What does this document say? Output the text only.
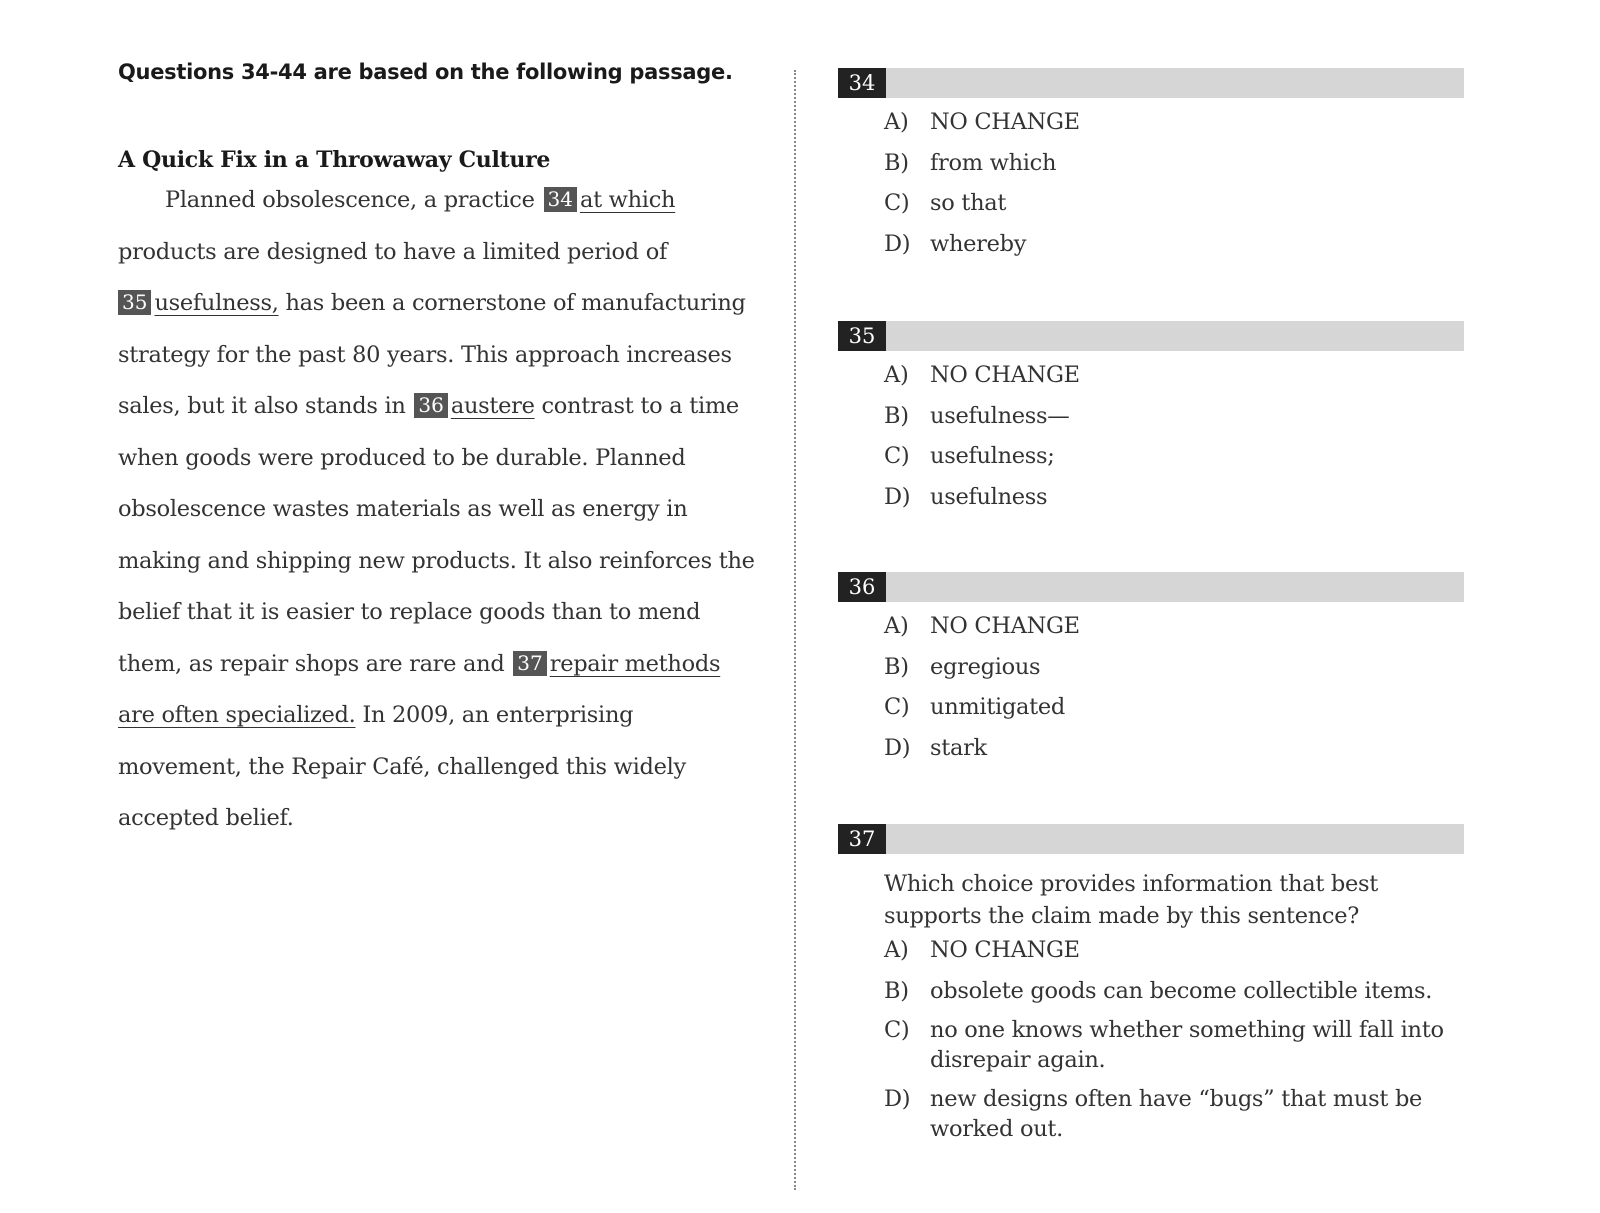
Questions 34-44 are based on the following passage.

A Quick Fix in a Throwaway Culture

Planned obsolescence, a practice 34 at which
products are designed to have a limited period of
35 usefulness, has been a cornerstone of manufacturing strategy for the past 80 years. This approach increases sales, but it also stands in 36 austere contrast to a time when goods were produced to be durable. Planned obsolescence wastes materials as well as energy in making and shipping new products. It also reinforces the belief that it is easier to replace goods than to mend them, as repair shops are rare and 37 repair methods are often specialized. In 2009, an enterprising movement, the Repair Café, challenged this widely accepted belief.

34
A) NO CHANGE
B) from which
C) so that
D) whereby
35
A) NO CHANGE
B) usefulness—
C) usefulness;
D) usefulness
36
A) NO CHANGE
B) egregious
C) unmitigated
D) stark
37

Which choice provides information that best supports the claim made by this sentence?

A) NO CHANGE
B) obsolete goods can become collectible items.
C) no one knows whether something will fall into disrepair again.
D) new designs often have “bugs” that must be worked out.
